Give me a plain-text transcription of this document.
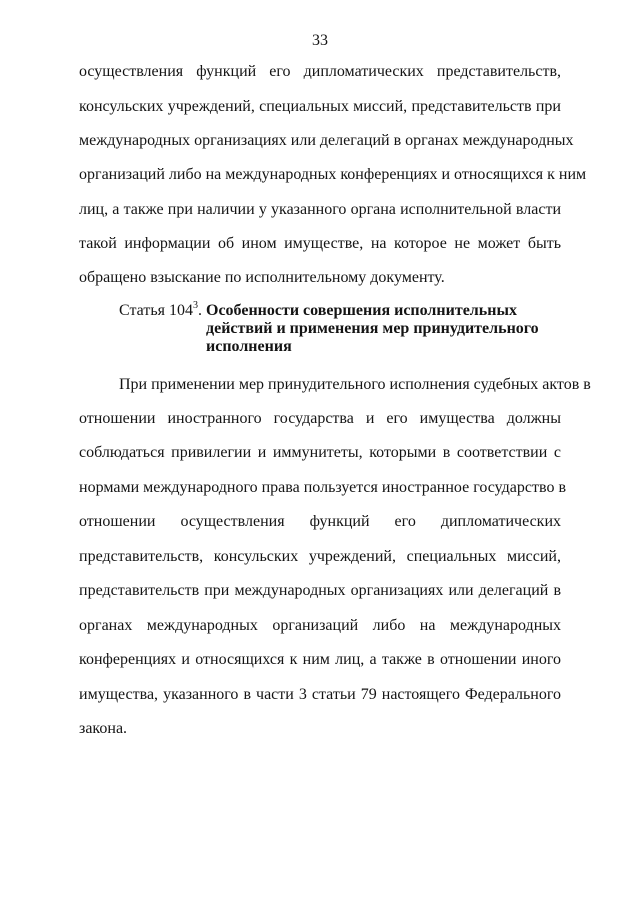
33
осуществления функций его дипломатических представительств,
консульских учреждений, специальных миссий, представительств при
международных организациях или делегаций в органах международных
организаций либо на международных конференциях и относящихся к ним
лиц, а также при наличии у указанного органа исполнительной власти
такой информации об ином имуществе, на которое не может быть
обращено взыскание по исполнительному документу.
Статья $104^3$. Особенности совершения исполнительных
действий и применения мер принудительного
исполнения
При применении мер принудительного исполнения судебных актов в
отношении иностранного государства и его имущества должны
соблюдаться привилегии и иммунитеты, которыми в соответствии с
нормами международного права пользуется иностранное государство в
отношении осуществления функций его дипломатических
представительств, консульских учреждений, специальных миссий,
представительств при международных организациях или делегаций в
органах международных организаций либо на международных
конференциях и относящихся к ним лиц, а также в отношении иного
имущества, указанного в части 3 статьи 79 настоящего Федерального
закона.
